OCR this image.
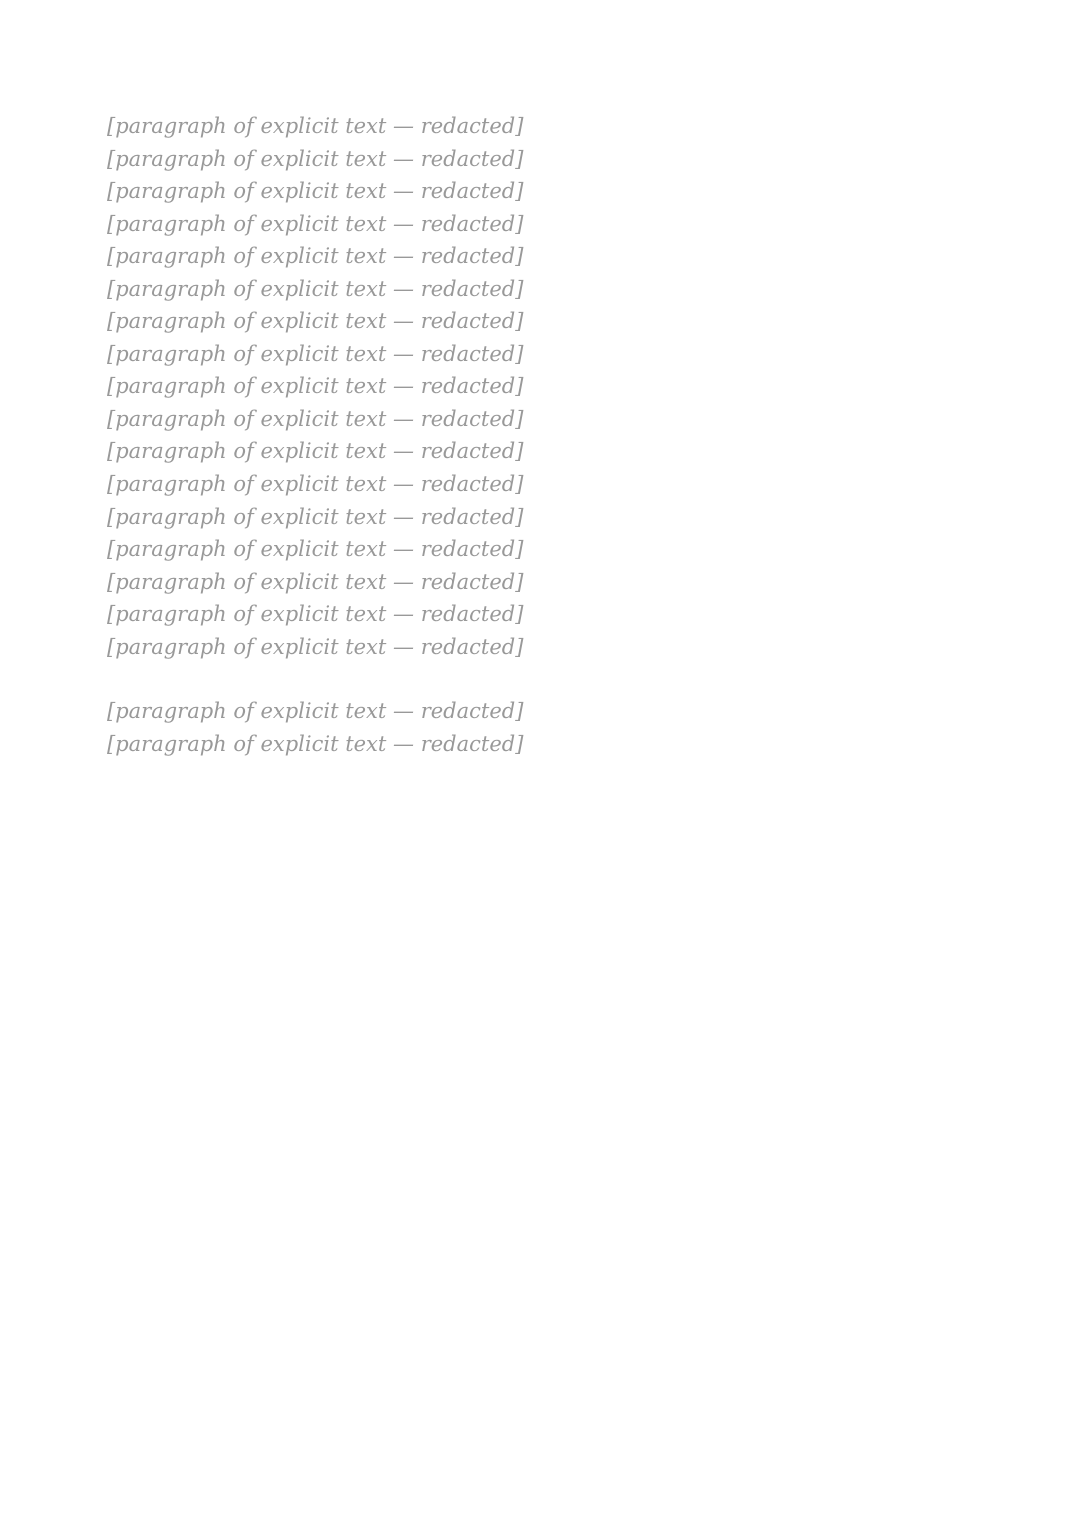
[paragraph of explicit text — redacted]

[paragraph of explicit text — redacted]

[paragraph of explicit text — redacted]

[paragraph of explicit text — redacted]

[paragraph of explicit text — redacted]

[paragraph of explicit text — redacted]

[paragraph of explicit text — redacted]

[paragraph of explicit text — redacted]

[paragraph of explicit text — redacted]

[paragraph of explicit text — redacted]

[paragraph of explicit text — redacted]

[paragraph of explicit text — redacted]

[paragraph of explicit text — redacted]

[paragraph of explicit text — redacted]

[paragraph of explicit text — redacted]

[paragraph of explicit text — redacted]

[paragraph of explicit text — redacted]

[paragraph of explicit text — redacted]

[paragraph of explicit text — redacted]
